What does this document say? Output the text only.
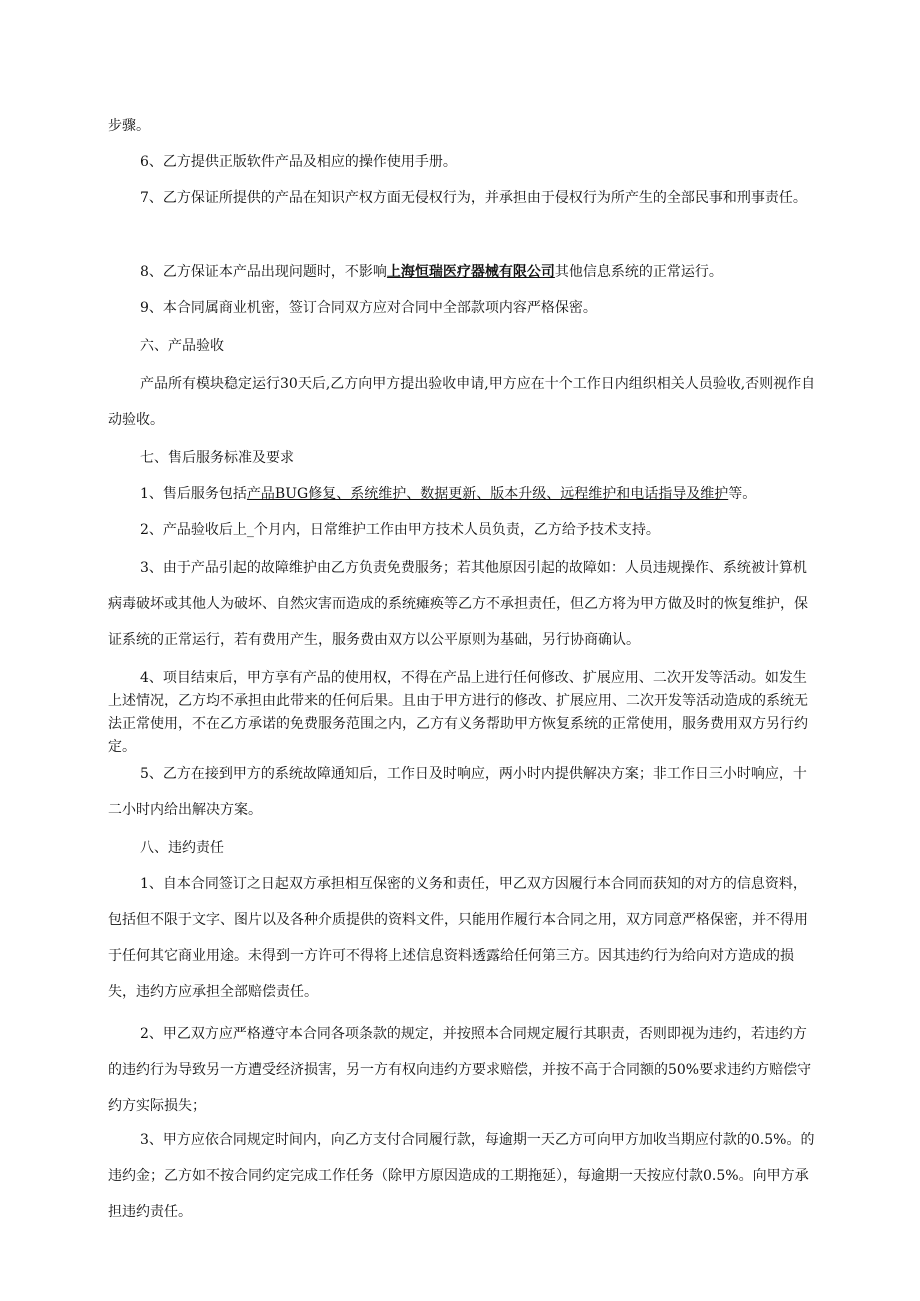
步骤。

6、乙方提供正版软件产品及相应的操作使用手册。

7、乙方保证所提供的产品在知识产权方面无侵权行为，并承担由于侵权行为所产生的全部民事和刑事责任。

8、乙方保证本产品出现问题时，不影响上海恒瑞医疗器械有限公司其他信息系统的正常运行。

9、本合同属商业机密，签订合同双方应对合同中全部款项内容严格保密。

六、产品验收

产品所有模块稳定运行30天后,乙方向甲方提出验收申请,甲方应在十个工作日内组织相关人员验收,否则视作自动验收。

七、售后服务标准及要求

1、售后服务包括产品BUG修复、系统维护、数据更新、版本升级、远程维护和电话指导及维护等。

2、产品验收后上_个月内，日常维护工作由甲方技术人员负责，乙方给予技术支持。

3、由于产品引起的故障维护由乙方负责免费服务；若其他原因引起的故障如：人员违规操作、系统被计算机病毒破坏或其他人为破坏、自然灾害而造成的系统瘫痪等乙方不承担责任，但乙方将为甲方做及时的恢复维护，保证系统的正常运行，若有费用产生，服务费由双方以公平原则为基础，另行协商确认。

4、项目结束后，甲方享有产品的使用权，不得在产品上进行任何修改、扩展应用、二次开发等活动。如发生上述情况，乙方均不承担由此带来的任何后果。且由于甲方进行的修改、扩展应用、二次开发等活动造成的系统无法正常使用，不在乙方承诺的免费服务范围之内，乙方有义务帮助甲方恢复系统的正常使用，服务费用双方另行约定。

5、乙方在接到甲方的系统故障通知后，工作日及时响应，两小时内提供解决方案；非工作日三小时响应，十二小时内给出解决方案。

八、违约责任

1、自本合同签订之日起双方承担相互保密的义务和责任，甲乙双方因履行本合同而获知的对方的信息资料，包括但不限于文字、图片以及各种介质提供的资料文件，只能用作履行本合同之用，双方同意严格保密，并不得用于任何其它商业用途。未得到一方许可不得将上述信息资料透露给任何第三方。因其违约行为给向对方造成的损失，违约方应承担全部赔偿责任。

2、甲乙双方应严格遵守本合同各项条款的规定，并按照本合同规定履行其职责，否则即视为违约，若违约方的违约行为导致另一方遭受经济损害，另一方有权向违约方要求赔偿，并按不高于合同额的50%要求违约方赔偿守约方实际损失；

3、甲方应依合同规定时间内，向乙方支付合同履行款，每逾期一天乙方可向甲方加收当期应付款的0.5%。的违约金；乙方如不按合同约定完成工作任务（除甲方原因造成的工期拖延），每逾期一天按应付款0.5%。向甲方承担违约责任。
